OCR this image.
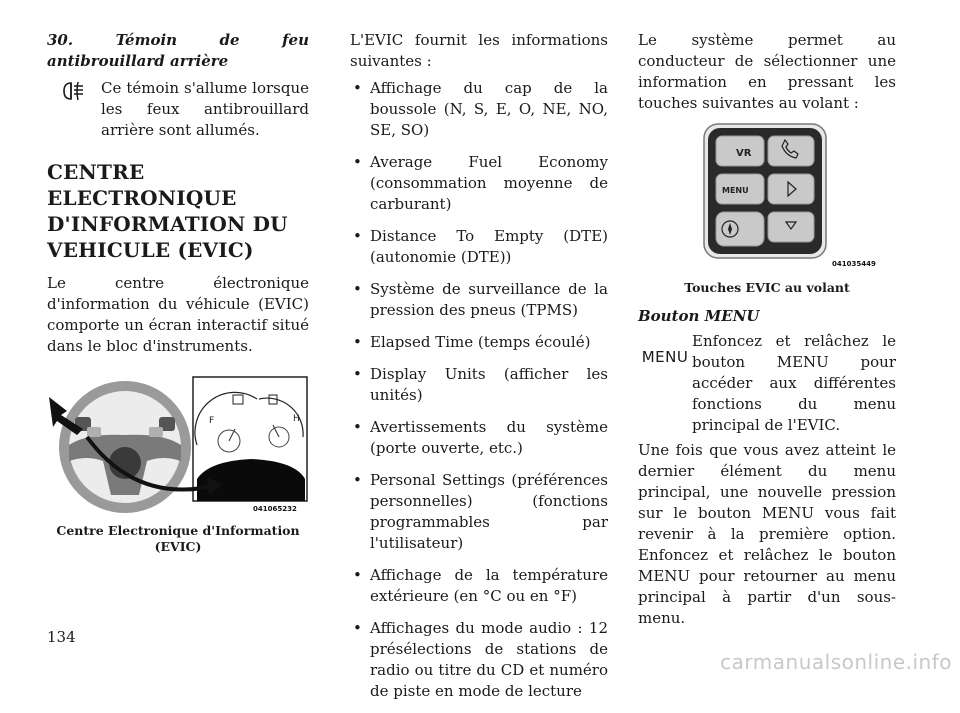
30. Témoin de feu antibrouillard arrière
Ce témoin s'allume lorsque les feux antibrouillard arrière sont allumés.
CENTRE ELECTRONIQUE D'INFORMATION DU VEHICULE (EVIC)
Le centre électronique d'information du véhicule (EVIC) comporte un écran interactif situé dans le bloc d'instruments.
F	H
041065232
Centre Electronique d'Information (EVIC)
L'EVIC fournit les informations suivantes :
• Affichage du cap de la boussole (N, S, E, O, NE, NO, SE, SO)
• Average Fuel Economy (consommation moyenne de carburant)
• Distance To Empty (DTE) (autonomie (DTE))
• Système de surveillance de la pression des pneus (TPMS)
• Elapsed Time (temps écoulé)
• Display Units (afficher les unités)
• Avertissements du système (porte ouverte, etc.)
• Personal Settings (préférences personnelles) (fonctions programmables par l'utilisateur)
• Affichage de la température extérieure (en °C ou en °F)
• Affichages du mode audio : 12 présélections de stations de radio ou titre du CD et numéro de piste en mode de lecture
Le système permet au conducteur de sélectionner une information en pressant les touches suivantes au volant :
VR
MENU
041035449
Touches EVIC au volant
Bouton MENU
MENU
Enfoncez et relâchez le bouton MENU pour accéder aux différentes fonctions du menu principal de l'EVIC.
Une fois que vous avez atteint le dernier élément du menu principal, une nouvelle pression sur le bouton MENU vous fait revenir à la première option. Enfoncez et relâchez le bouton MENU pour retourner au menu principal à partir d'un sous-menu.
134
carmanualsonline.info
